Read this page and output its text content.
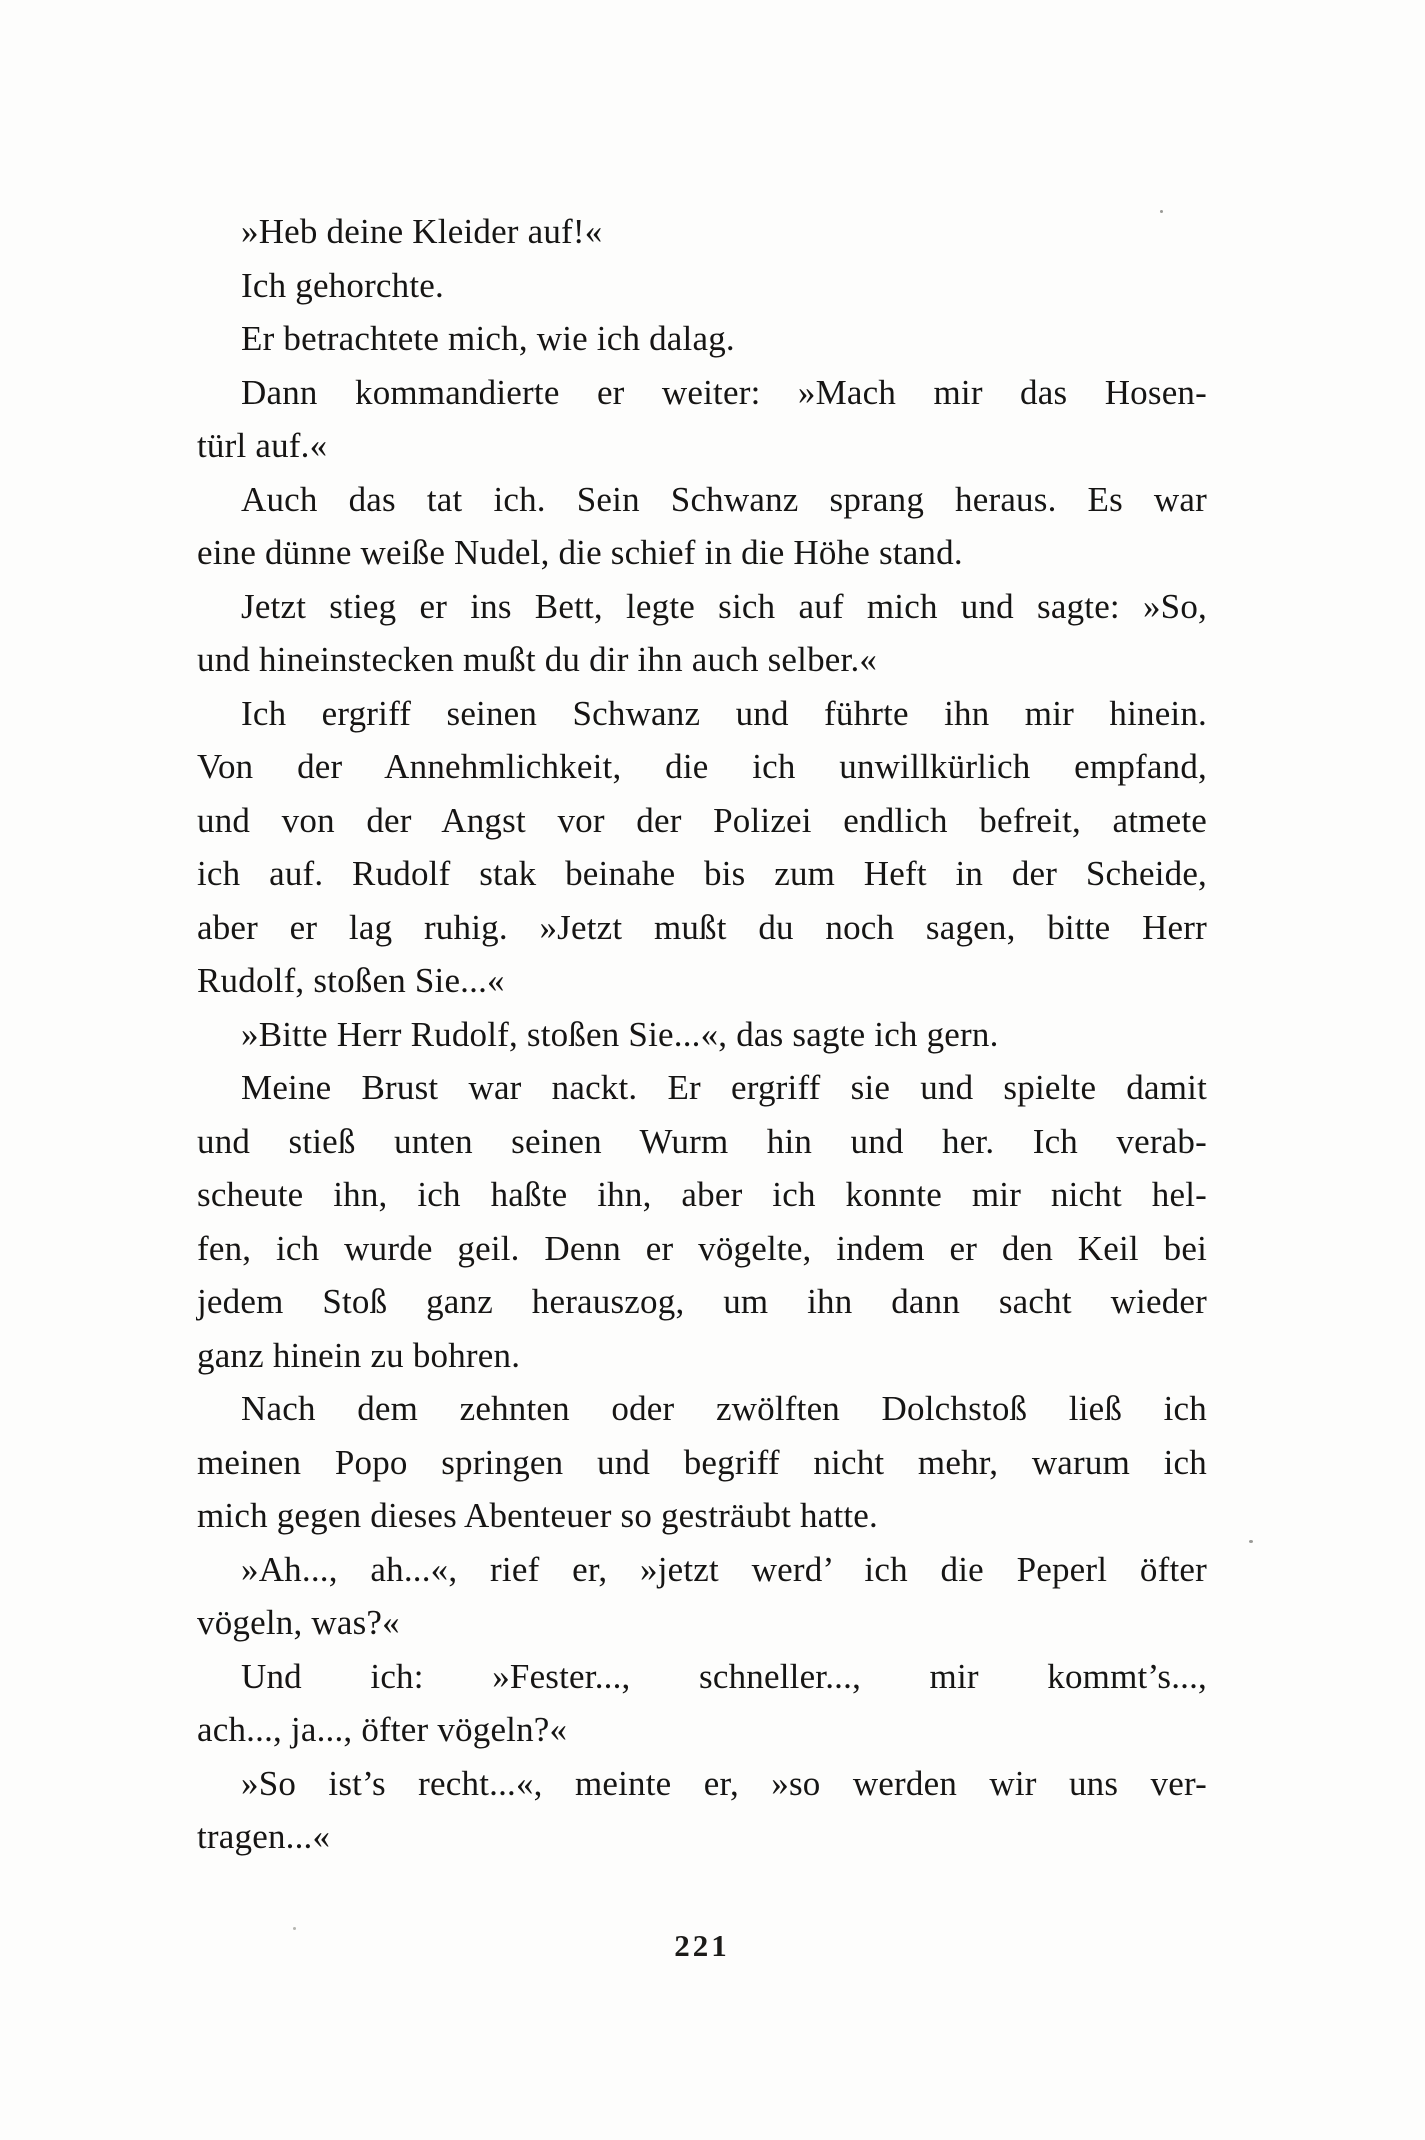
»Heb deine Kleider auf!«
Ich gehorchte.
Er betrachtete mich, wie ich dalag.
Dann kommandierte er weiter: »Mach mir das Hosen-
türl auf.«
Auch das tat ich. Sein Schwanz sprang heraus. Es war
eine dünne weiße Nudel, die schief in die Höhe stand.
Jetzt stieg er ins Bett, legte sich auf mich und sagte: »So,
und hineinstecken mußt du dir ihn auch selber.«
Ich ergriff seinen Schwanz und führte ihn mir hinein.
Von der Annehmlichkeit, die ich unwillkürlich empfand,
und von der Angst vor der Polizei endlich befreit, atmete
ich auf. Rudolf stak beinahe bis zum Heft in der Scheide,
aber er lag ruhig. »Jetzt mußt du noch sagen, bitte Herr
Rudolf, stoßen Sie...«
»Bitte Herr Rudolf, stoßen Sie...«, das sagte ich gern.
Meine Brust war nackt. Er ergriff sie und spielte damit
und stieß unten seinen Wurm hin und her. Ich verab-
scheute ihn, ich haßte ihn, aber ich konnte mir nicht hel-
fen, ich wurde geil. Denn er vögelte, indem er den Keil bei
jedem Stoß ganz herauszog, um ihn dann sacht wieder
ganz hinein zu bohren.
Nach dem zehnten oder zwölften Dolchstoß ließ ich
meinen Popo springen und begriff nicht mehr, warum ich
mich gegen dieses Abenteuer so gesträubt hatte.
»Ah..., ah...«, rief er, »jetzt werd’ ich die Peperl öfter
vögeln, was?«
Und ich: »Fester..., schneller..., mir kommt’s...,
ach..., ja..., öfter vögeln?«
»So ist’s recht...«, meinte er, »so werden wir uns ver-
tragen...«
221
